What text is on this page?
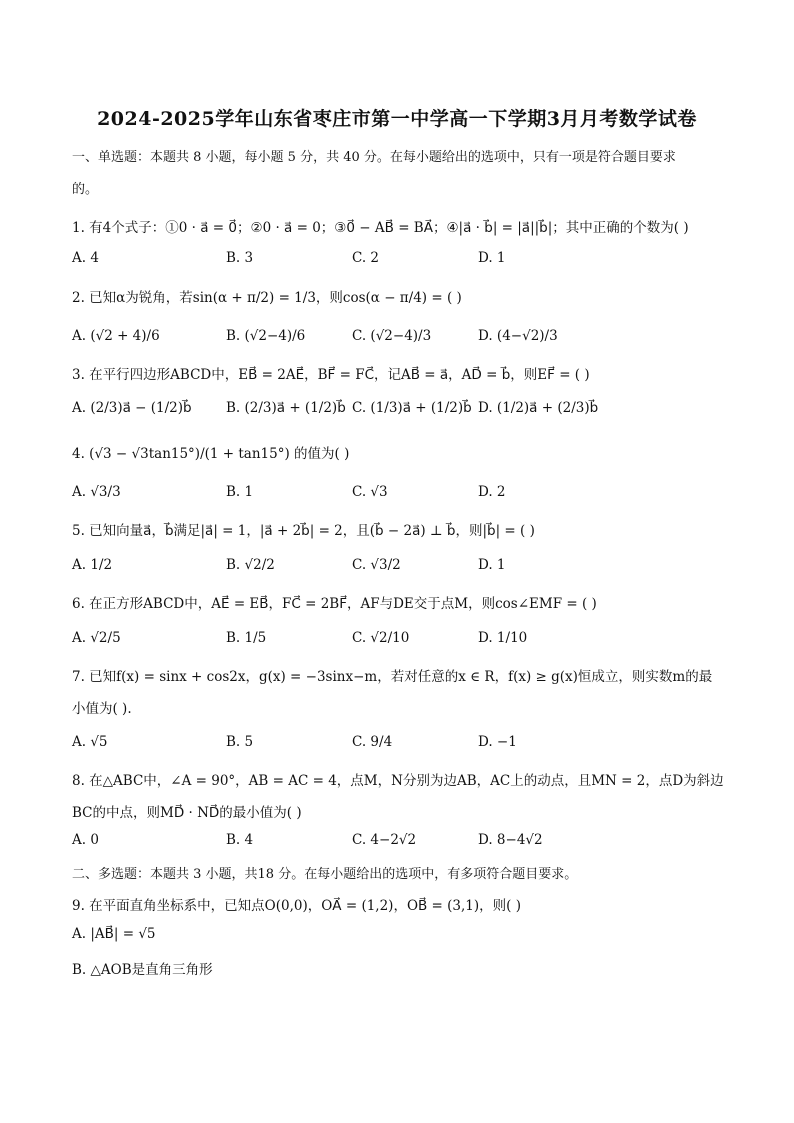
2024-2025学年山东省枣庄市第一中学高一下学期3月月考数学试卷
一、单选题：本题共 8 小题，每小题 5 分，共 40 分。在每小题给出的选项中，只有一项是符合题目要求
的。
1. 有4个式子：①0 · a⃗ = 0⃗；②0 · a⃗ = 0；③0⃗ − AB⃗ = BA⃗；④|a⃗ · b⃗| = |a⃗||b⃗|；其中正确的个数为( )
A. 4	B. 3	C. 2	D. 1
2. 已知α为锐角，若sin(α + π/2) = 1/3，则cos(α − π/4) = ( )
A. (√2 + 4)/6	B. (√2−4)/6	C. (√2−4)/3	D. (4−√2)/3
3. 在平行四边形ABCD中，EB⃗ = 2AE⃗，BF⃗ = FC⃗，记AB⃗ = a⃗，AD⃗ = b⃗，则EF⃗ = ( )
A. (2/3)a⃗ − (1/2)b⃗	B. (2/3)a⃗ + (1/2)b⃗ C. (1/3)a⃗ + (1/2)b⃗ D. (1/2)a⃗ + (2/3)b⃗
4. (√3 − √3tan15°)/(1 + tan15°) 的值为( )
A. √3/3	B. 1	C. √3	D. 2
5. 已知向量a⃗，b⃗满足|a⃗| = 1，|a⃗ + 2b⃗| = 2，且(b⃗ − 2a⃗) ⊥ b⃗，则|b⃗| = ( )
A. 1/2	B. √2/2	C. √3/2	D. 1
6. 在正方形ABCD中，AE⃗ = EB⃗，FC⃗ = 2BF⃗，AF与DE交于点M，则cos∠EMF = ( )
A. √2/5	B. 1/5	C. √2/10	D. 1/10
7. 已知f(x) = sinx + cos2x，g(x) = −3sinx−m，若对任意的x ∈ R，f(x) ≥ g(x)恒成立，则实数m的最
小值为( ).
A. √5	B. 5	C. 9/4	D. −1
8. 在△ABC中，∠A = 90°，AB = AC = 4，点M，N分别为边AB，AC上的动点，且MN = 2，点D为斜边
BC的中点，则MD⃗ · ND⃗的最小值为( )
A. 0	B. 4	C. 4−2√2	D. 8−4√2
二、多选题：本题共 3 小题，共18 分。在每小题给出的选项中，有多项符合题目要求。
9. 在平面直角坐标系中，已知点O(0,0)，OA⃗ = (1,2)，OB⃗ = (3,1)，则( )
A. |AB⃗| = √5
B. △AOB是直角三角形
